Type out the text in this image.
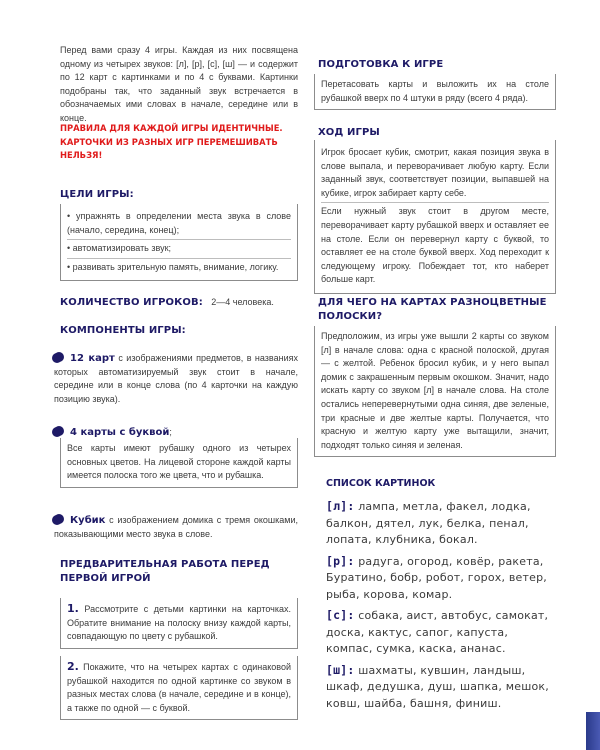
Перед вами сразу 4 игры. Каждая из них посвящена одному из четырех звуков: [л], [р], [с], [ш] — и содержит по 12 карт с картинками и по 4 с буквами. Картинки подобраны так, что заданный звук встречается в обозначаемых ими словах в начале, середине или в конце.

ПРАВИЛА ДЛЯ КАЖДОЙ ИГРЫ ИДЕНТИЧНЫЕ.
КАРТОЧКИ ИЗ РАЗНЫХ ИГР ПЕРЕМЕШИВАТЬ
НЕЛЬЗЯ!
ЦЕЛИ ИГРЫ:
• упражнять в определении места звука в слове (начало, середина, конец);
• автоматизировать звук;
• развивать зрительную память, внимание, логику.
КОЛИЧЕСТВО ИГРОКОВ: 2—4 человека.
КОМПОНЕНТЫ ИГРЫ:
12 карт с изображениями предметов, в названиях которых автоматизируемый звук стоит в начале, середине или в конце слова (по 4 карточки на каждую позицию звука).
4 карты с буквой;
Все карты имеют рубашку одного из четырех основных цветов. На лицевой стороне каждой карты имеется полоска того же цвета, что и рубашка.
Кубик с изображением домика с тремя окошками, показывающими место звука в слове.
ПРЕДВАРИТЕЛЬНАЯ РАБОТА ПЕРЕД ПЕРВОЙ ИГРОЙ
1. Рассмотрите с детьми картинки на карточках. Обратите внимание на полоску внизу каждой карты, совпадающую по цвету с рубашкой.
2. Покажите, что на четырех картах с одинаковой рубашкой находится по одной картинке со звуком в разных местах слова (в начале, середине и в конце), а также по одной — с буквой.
ПОДГОТОВКА К ИГРЕ
Перетасовать карты и выложить их на столе рубашкой вверх по 4 штуки в ряду (всего 4 ряда).
ХОД ИГРЫ
Игрок бросает кубик, смотрит, какая позиция звука в слове выпала, и переворачивает любую карту. Если заданный звук, соответствует позиции, выпавшей на кубике, игрок забирает карту себе.
Если нужный звук стоит в другом месте, переворачивает карту рубашкой вверх и оставляет ее на столе. Если он перевернул карту с буквой, то оставляет ее на столе буквой вверх. Ход переходит к следующему игроку. Побеждает тот, кто наберет больше карт.
ДЛЯ ЧЕГО НА КАРТАХ РАЗНОЦВЕТНЫЕ ПОЛОСКИ?
Предположим, из игры уже вышли 2 карты со звуком [л] в начале слова: одна с красной полоской, другая — с желтой. Ребенок бросил кубик, и у него выпал домик с закрашенным первым окошком. Значит, надо искать карту со звуком [л] в начале слова. На столе остались неперевернутыми одна синяя, две зеленые, три красные и две желтые карты. Получается, что красную и желтую карту уже вытащили, значит, подходят только синяя и зеленая.
СПИСОК КАРТИНОК
[л]: лампа, метла, факел, лодка, балкон, дятел, лук, белка, пенал, лопата, клубника, бокал.
[р]: радуга, огород, ковёр, ракета, Буратино, бобр, робот, горох, ветер, рыба, корова, комар.
[с]: собака, аист, автобус, самокат, доска, кактус, сапог, капуста, компас, сумка, каска, ананас.
[ш]: шахматы, кувшин, ландыш, шкаф, дедушка, душ, шапка, мешок, ковш, шайба, башня, финиш.
